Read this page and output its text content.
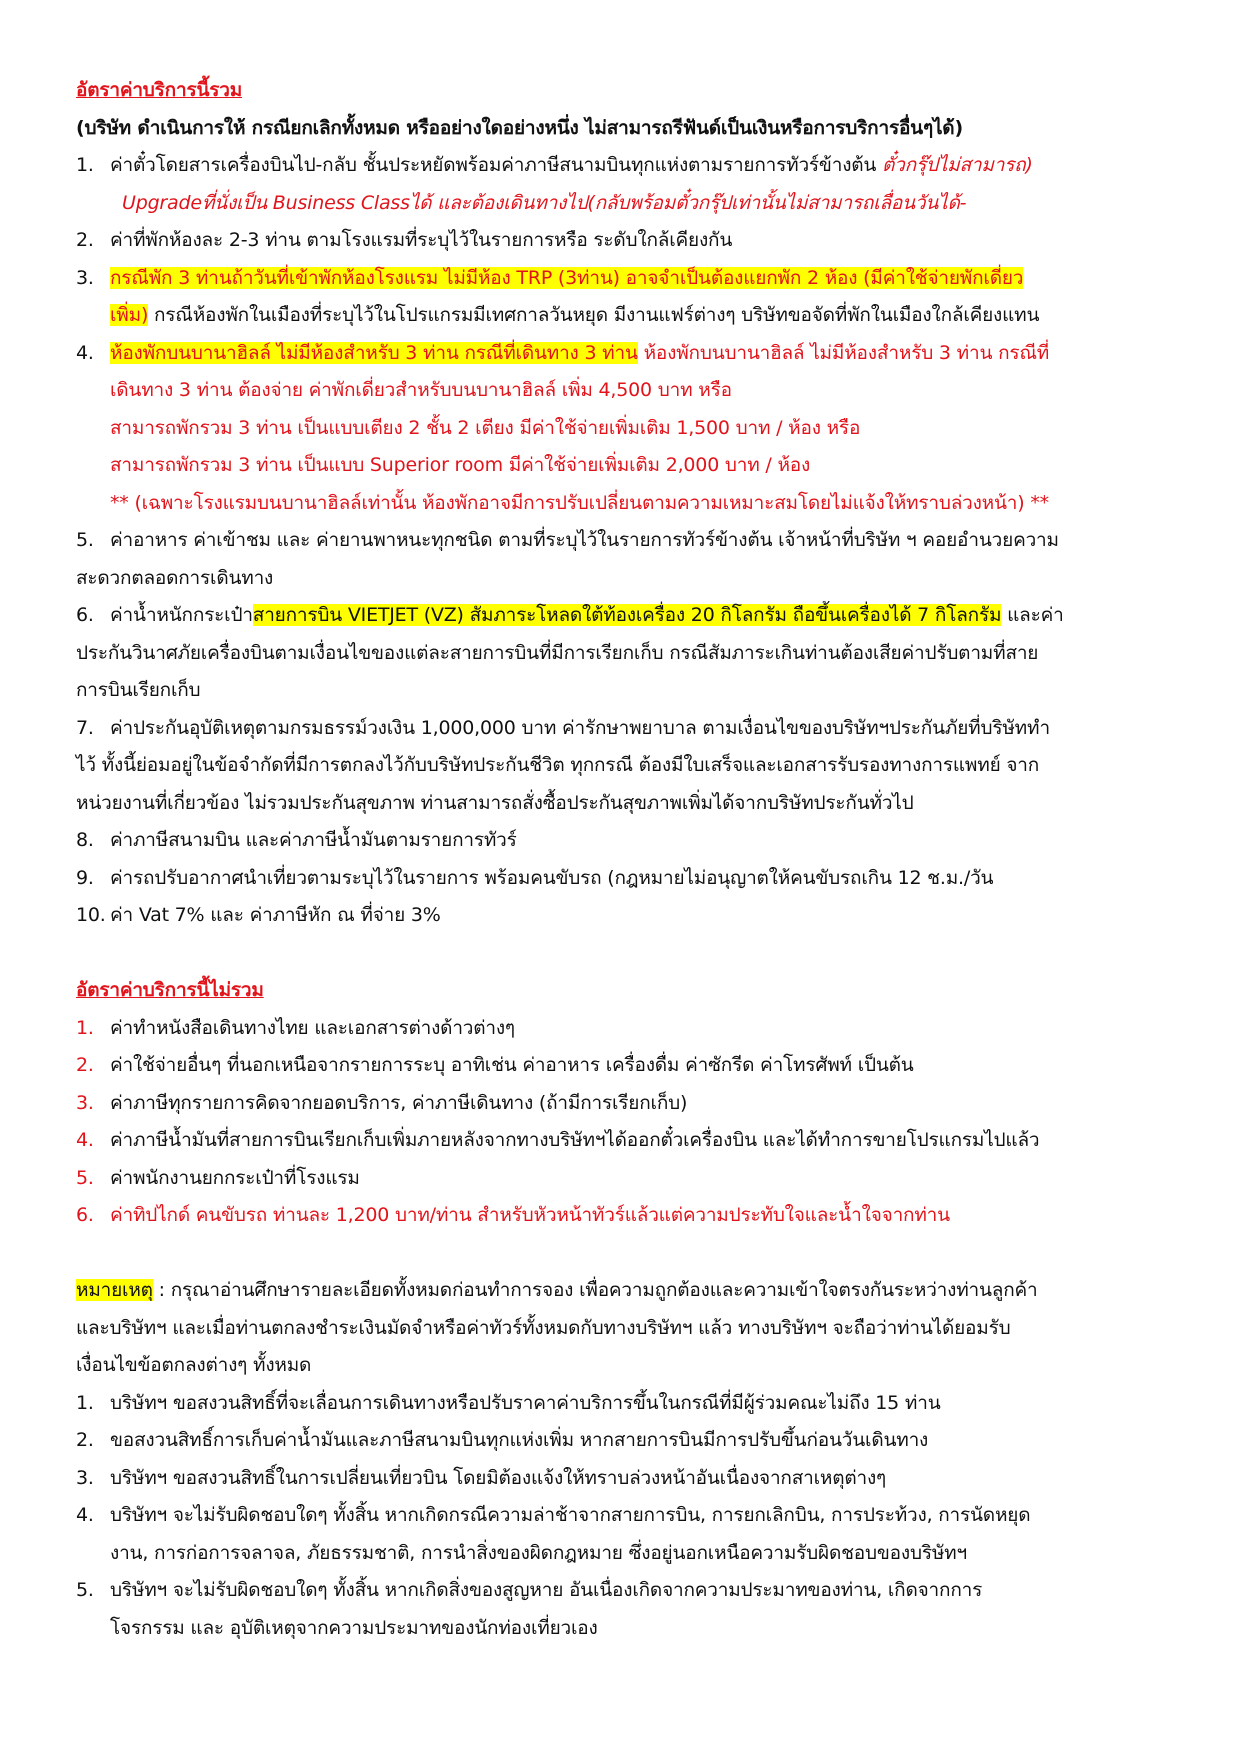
อัตราค่าบริการนี้รวม
(บริษัท ดำเนินการให้ กรณียกเลิกทั้งหมด หรืออย่างใดอย่างหนึ่ง ไม่สามารถรีฟันด์เป็นเงินหรือการบริการอื่นๆได้)
1. ค่าตั๋วโดยสารเครื่องบินไป-กลับ ชั้นประหยัดพร้อมค่าภาษีสนามบินทุกแห่งตามรายการทัวร์ข้างต้น ตั๋วกรุ๊ปไม่สามารถ)
Upgradeที่นั่งเป็น Business Classได้ และต้องเดินทางไป(กลับพร้อมตั๋วกรุ๊ปเท่านั้นไม่สามารถเลื่อนวันได้-
2. ค่าที่พักห้องละ 2-3 ท่าน ตามโรงแรมที่ระบุไว้ในรายการหรือ ระดับใกล้เคียงกัน
3. กรณีพัก 3 ท่านถ้าวันที่เข้าพักห้องโรงแรม ไม่มีห้อง TRP (3ท่าน) อาจจำเป็นต้องแยกพัก 2 ห้อง (มีค่าใช้จ่ายพักเดี่ยว
เพิ่ม) กรณีห้องพักในเมืองที่ระบุไว้ในโปรแกรมมีเทศกาลวันหยุด มีงานแฟร์ต่างๆ บริษัทขอจัดที่พักในเมืองใกล้เคียงแทน
4. ห้องพักบนบานาฮิลล์ ไม่มีห้องสำหรับ 3 ท่าน กรณีที่เดินทาง 3 ท่าน ห้องพักบนบานาฮิลล์ ไม่มีห้องสำหรับ 3 ท่าน กรณีที่
เดินทาง 3 ท่าน ต้องจ่าย ค่าพักเดี่ยวสำหรับบนบานาฮิลล์ เพิ่ม 4,500 บาท หรือ
สามารถพักรวม 3 ท่าน เป็นแบบเตียง 2 ชั้น 2 เตียง มีค่าใช้จ่ายเพิ่มเติม 1,500 บาท / ห้อง หรือ
สามารถพักรวม 3 ท่าน เป็นแบบ Superior room มีค่าใช้จ่ายเพิ่มเติม 2,000 บาท / ห้อง
** (เฉพาะโรงแรมบนบานาฮิลล์เท่านั้น ห้องพักอาจมีการปรับเปลี่ยนตามความเหมาะสมโดยไม่แจ้งให้ทราบล่วงหน้า) **
5. ค่าอาหาร ค่าเข้าชม และ ค่ายานพาหนะทุกชนิด ตามที่ระบุไว้ในรายการทัวร์ข้างต้น เจ้าหน้าที่บริษัท ฯ คอยอำนวยความ
สะดวกตลอดการเดินทาง
6. ค่าน้ำหนักกระเป๋าสายการบิน VIETJET (VZ) สัมภาระโหลดใต้ท้องเครื่อง 20 กิโลกรัม ถือขึ้นเครื่องได้ 7 กิโลกรัม และค่า
ประกันวินาศภัยเครื่องบินตามเงื่อนไขของแต่ละสายการบินที่มีการเรียกเก็บ กรณีสัมภาระเกินท่านต้องเสียค่าปรับตามที่สาย
การบินเรียกเก็บ
7. ค่าประกันอุบัติเหตุตามกรมธรรม์วงเงิน 1,000,000 บาท ค่ารักษาพยาบาล ตามเงื่อนไขของบริษัทฯประกันภัยที่บริษัททำ
ไว้ ทั้งนี้ย่อมอยู่ในข้อจำกัดที่มีการตกลงไว้กับบริษัทประกันชีวิต ทุกกรณี ต้องมีใบเสร็จและเอกสารรับรองทางการแพทย์ จาก
หน่วยงานที่เกี่ยวข้อง ไม่รวมประกันสุขภาพ ท่านสามารถสั่งซื้อประกันสุขภาพเพิ่มได้จากบริษัทประกันทั่วไป
8. ค่าภาษีสนามบิน และค่าภาษีน้ำมันตามรายการทัวร์
9. ค่ารถปรับอากาศนำเที่ยวตามระบุไว้ในรายการ พร้อมคนขับรถ (กฎหมายไม่อนุญาตให้คนขับรถเกิน 12 ช.ม./วัน
10. ค่า Vat 7% และ ค่าภาษีหัก ณ ที่จ่าย 3%
อัตราค่าบริการนี้ไม่รวม
1. ค่าทำหนังสือเดินทางไทย และเอกสารต่างด้าวต่างๆ
2. ค่าใช้จ่ายอื่นๆ ที่นอกเหนือจากรายการระบุ อาทิเช่น ค่าอาหาร เครื่องดื่ม ค่าซักรีด ค่าโทรศัพท์ เป็นต้น
3. ค่าภาษีทุกรายการคิดจากยอดบริการ, ค่าภาษีเดินทาง (ถ้ามีการเรียกเก็บ)
4. ค่าภาษีน้ำมันที่สายการบินเรียกเก็บเพิ่มภายหลังจากทางบริษัทฯได้ออกตั๋วเครื่องบิน และได้ทำการขายโปรแกรมไปแล้ว
5. ค่าพนักงานยกกระเป๋าที่โรงแรม
6. ค่าทิปไกด์ คนขับรถ ท่านละ 1,200 บาท/ท่าน สำหรับหัวหน้าทัวร์แล้วแต่ความประทับใจและน้ำใจจากท่าน
หมายเหตุ : กรุณาอ่านศึกษารายละเอียดทั้งหมดก่อนทำการจอง เพื่อความถูกต้องและความเข้าใจตรงกันระหว่างท่านลูกค้า
และบริษัทฯ และเมื่อท่านตกลงชำระเงินมัดจำหรือค่าทัวร์ทั้งหมดกับทางบริษัทฯ แล้ว ทางบริษัทฯ จะถือว่าท่านได้ยอมรับ
เงื่อนไขข้อตกลงต่างๆ ทั้งหมด
1. บริษัทฯ ขอสงวนสิทธิ์ที่จะเลื่อนการเดินทางหรือปรับราคาค่าบริการขึ้นในกรณีที่มีผู้ร่วมคณะไม่ถึง 15 ท่าน
2. ขอสงวนสิทธิ์การเก็บค่าน้ำมันและภาษีสนามบินทุกแห่งเพิ่ม หากสายการบินมีการปรับขึ้นก่อนวันเดินทาง
3. บริษัทฯ ขอสงวนสิทธิ์ในการเปลี่ยนเที่ยวบิน โดยมิต้องแจ้งให้ทราบล่วงหน้าอันเนื่องจากสาเหตุต่างๆ
4. บริษัทฯ จะไม่รับผิดชอบใดๆ ทั้งสิ้น หากเกิดกรณีความล่าช้าจากสายการบิน, การยกเลิกบิน, การประท้วง, การนัดหยุด
งาน, การก่อการจลาจล, ภัยธรรมชาติ, การนำสิ่งของผิดกฎหมาย ซึ่งอยู่นอกเหนือความรับผิดชอบของบริษัทฯ
5. บริษัทฯ จะไม่รับผิดชอบใดๆ ทั้งสิ้น หากเกิดสิ่งของสูญหาย อันเนื่องเกิดจากความประมาทของท่าน, เกิดจากการ
โจรกรรม และ อุบัติเหตุจากความประมาทของนักท่องเที่ยวเอง
